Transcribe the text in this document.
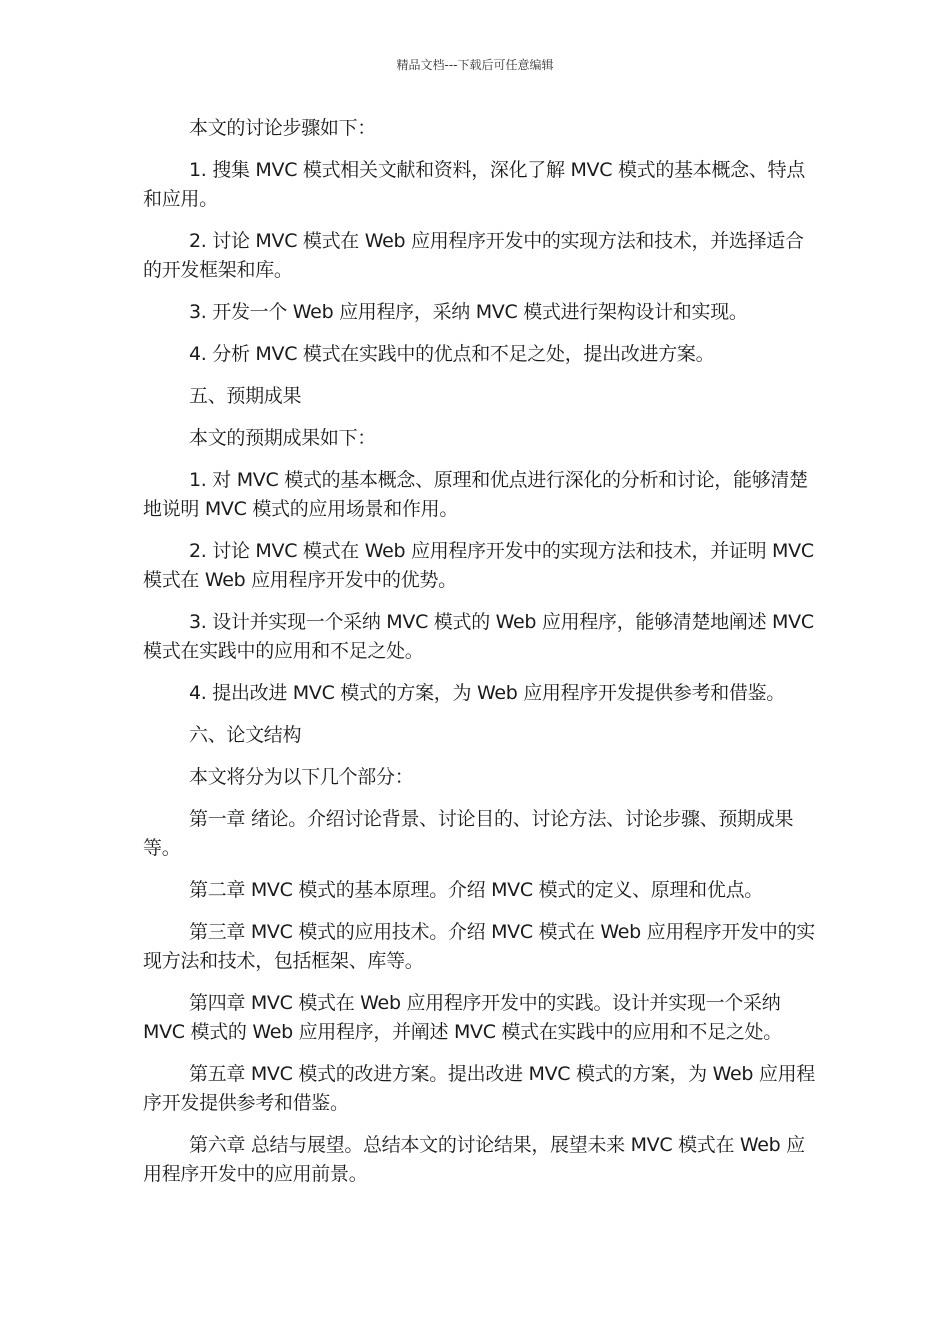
精品文档---下载后可任意编辑

本文的讨论步骤如下：

1. 搜集 MVC 模式相关文献和资料，深化了解 MVC 模式的基本概念、特点和应用。

2. 讨论 MVC 模式在 Web 应用程序开发中的实现方法和技术，并选择适合的开发框架和库。

3. 开发一个 Web 应用程序，采纳 MVC 模式进行架构设计和实现。

4. 分析 MVC 模式在实践中的优点和不足之处，提出改进方案。

五、预期成果

本文的预期成果如下：

1. 对 MVC 模式的基本概念、原理和优点进行深化的分析和讨论，能够清楚地说明 MVC 模式的应用场景和作用。

2. 讨论 MVC 模式在 Web 应用程序开发中的实现方法和技术，并证明 MVC 模式在 Web 应用程序开发中的优势。

3. 设计并实现一个采纳 MVC 模式的 Web 应用程序，能够清楚地阐述 MVC 模式在实践中的应用和不足之处。

4. 提出改进 MVC 模式的方案，为 Web 应用程序开发提供参考和借鉴。

六、论文结构

本文将分为以下几个部分：

第一章 绪论。介绍讨论背景、讨论目的、讨论方法、讨论步骤、预期成果等。

第二章 MVC 模式的基本原理。介绍 MVC 模式的定义、原理和优点。

第三章 MVC 模式的应用技术。介绍 MVC 模式在 Web 应用程序开发中的实现方法和技术，包括框架、库等。

第四章 MVC 模式在 Web 应用程序开发中的实践。设计并实现一个采纳 MVC 模式的 Web 应用程序，并阐述 MVC 模式在实践中的应用和不足之处。

第五章 MVC 模式的改进方案。提出改进 MVC 模式的方案，为 Web 应用程序开发提供参考和借鉴。

第六章 总结与展望。总结本文的讨论结果，展望未来 MVC 模式在 Web 应用程序开发中的应用前景。
